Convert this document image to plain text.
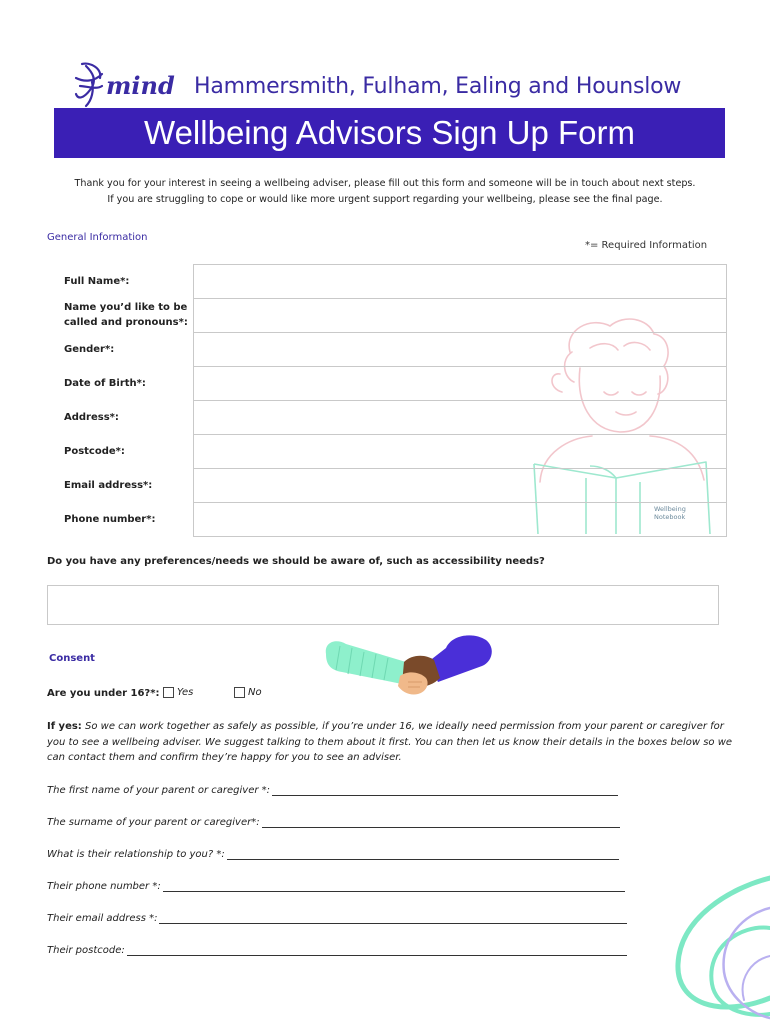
mind Hammersmith, Fulham, Ealing and Hounslow
Wellbeing Advisors Sign Up Form
Thank you for your interest in seeing a wellbeing adviser, please fill out this form and someone will be in touch about next steps.
If you are struggling to cope or would like more urgent support regarding your wellbeing, please see the final page.
General Information
*= Required Information
Wellbeing
Notebook
Full Name*:
Name you’d like to be called and pronouns*:
Gender*:
Date of Birth*:
Address*:
Postcode*:
Email address*:
Phone number*:
Do you have any preferences/needs we should be aware of, such as accessibility needs?
Consent
Are you under 16?*: Yes	No
If yes: So we can work together as safely as possible, if you’re under 16, we ideally need permission from your parent or caregiver for you to see a wellbeing adviser. We suggest talking to them about it first. You can then let us know their details in the boxes below so we can contact them and confirm they’re happy for you to see an adviser.
The first name of your parent or caregiver *:
The surname of your parent or caregiver*:
What is their relationship to you? *:
Their phone number *:
Their email address *:
Their postcode:
